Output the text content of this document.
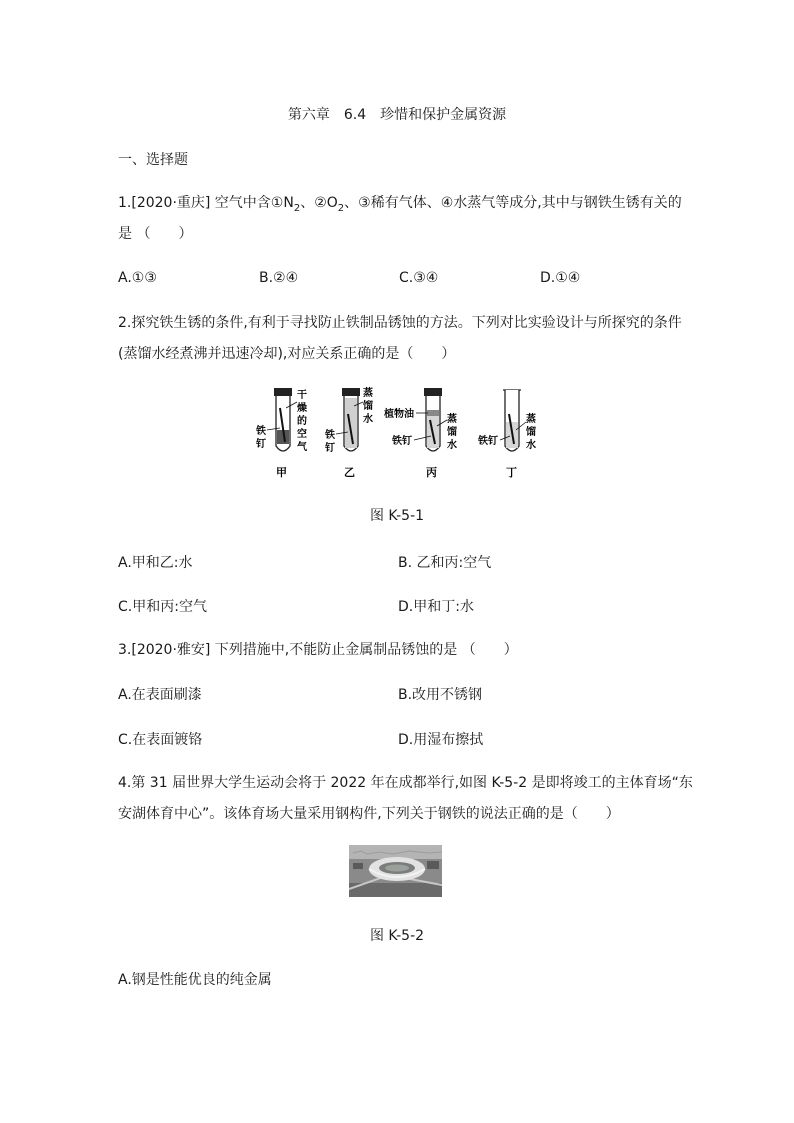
第六章　6.4　珍惜和保护金属资源
一、选择题
1.[2020·重庆] 空气中含$①N_2$、$②O_2$、③稀有气体、④水蒸气等成分,其中与钢铁生锈有关的
是 （　　）
A.①③	B.②④	C.③④	D.①④
2.探究铁生锈的条件,有利于寻找防止铁制品锈蚀的方法。下列对比实验设计与所探究的条件
(蒸馏水经煮沸并迅速冷却),对应关系正确的是（　　）
干
燥
的
空
气
铁
钉
甲
蒸
馏
水
铁
钉
乙
植物油	蒸
馏
水
铁钉
丙
蒸
馏
水
铁钉
丁
图 K-5-1
A.甲和乙:水	B. 乙和丙:空气
C.甲和丙:空气	D.甲和丁:水
3.[2020·雅安] 下列措施中,不能防止金属制品锈蚀的是 （　　）
A.在表面刷漆	B.改用不锈钢
C.在表面镀铬	D.用湿布擦拭
4.第 31 届世界大学生运动会将于 2022 年在成都举行,如图 K-5-2 是即将竣工的主体育场“东
安湖体育中心”。该体育场大量采用钢构件,下列关于钢铁的说法正确的是（　　）
图 K-5-2
A.钢是性能优良的纯金属
